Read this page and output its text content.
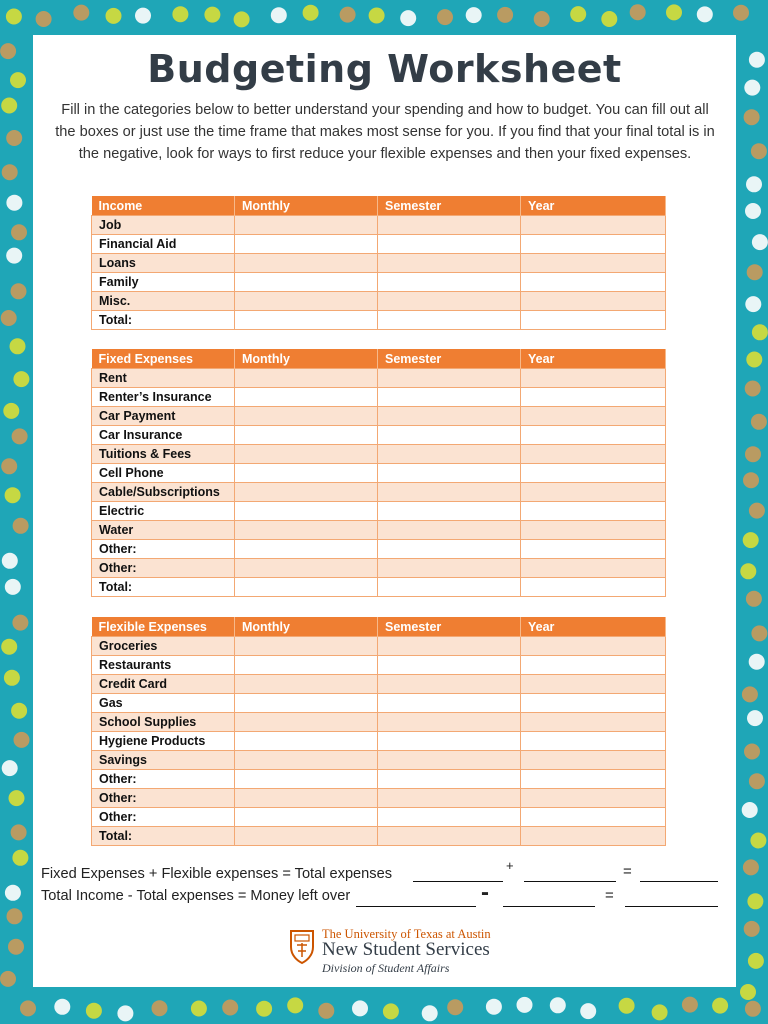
Budgeting Worksheet
Fill in the categories below to better understand your spending and how to budget. You can fill out all the boxes or just use the time frame that makes most sense for you. If you find that your final total is in the negative, look for ways to first reduce your flexible expenses and then your fixed expenses.
Income	Monthly	Semester	Year
Job			
Financial Aid			
Loans			
Family			
Misc.			
Total:			
Fixed Expenses	Monthly	Semester	Year
Rent			
Renter’s Insurance			
Car Payment			
Car Insurance			
Tuitions & Fees			
Cell Phone			
Cable/Subscriptions			
Electric			
Water			
Other:			
Other:			
Total:			
Flexible Expenses	Monthly	Semester	Year
Groceries			
Restaurants			
Credit Card			
Gas			
School Supplies			
Hygiene Products			
Savings			
Other:			
Other:			
Other:			
Total:			
Fixed Expenses + Flexible expenses = Total expenses
+	=
Total Income - Total expenses = Money left over	-	=
The University of Texas at Austin
New Student Services
Division of Student Affairs
